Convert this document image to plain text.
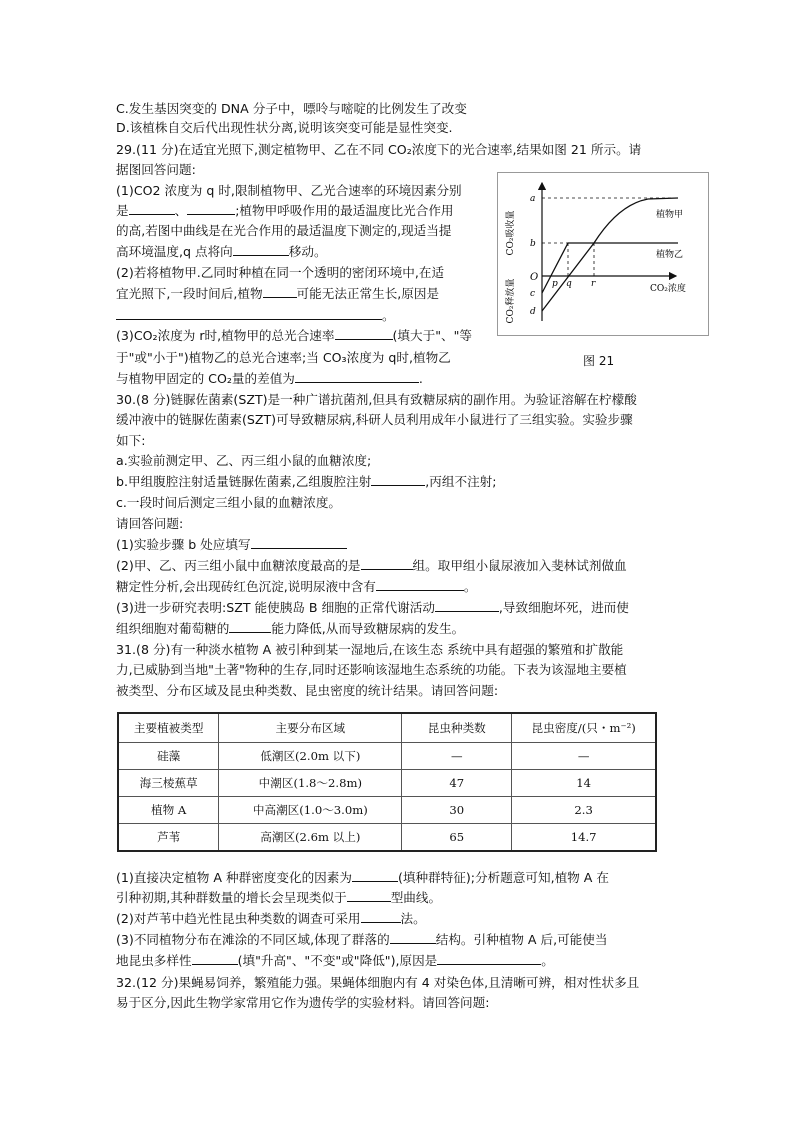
C.发生基因突变的 DNA 分子中，嘌呤与嘧啶的比例发生了改变
D.该植株自交后代出现性状分离,说明该突变可能是显性突变.
29.(11 分)在适宜光照下,测定植物甲、乙在不同 CO₂浓度下的光合速率,结果如图 21 所示。请
据图回答问题:
(1)CO2 浓度为 q 时,限制植物甲、乙光合速率的环境因素分别
是	、	;植物甲呼吸作用的最适温度比光合作用
的高,若图中曲线是在光合作用的最适温度下测定的,现适当提
高环境温度,q 点将向	移动。
(2)若将植物甲.乙同时种植在同一个透明的密闭环境中,在适
宜光照下,一段时间后,植物	可能无法正常生长,原因是
。
(3)CO₂浓度为 r时,植物甲的总光合速率	(填大于"、"等
于"或"小于")植物乙的总光合速率;当 CO₃浓度为 q时,植物乙
与植物甲固定的 CO₂量的差值为	.
30.(8 分)链脲佐菌素(SZT)是一种广谱抗菌剂,但具有致糖尿病的副作用。为验证溶解在柠檬酸
缓冲液中的链脲佐菌素(SZT)可导致糖尿病,科研人员利用成年小鼠进行了三组实验。实验步骤
如下:
a.实验前测定甲、乙、丙三组小鼠的血糖浓度;
b.甲组腹腔注射适量链脲佐菌素,乙组腹腔注射	,丙组不注射;
c.一段时间后测定三组小鼠的血糖浓度。
请回答问题:
(1)实验步骤 b 处应填写
(2)甲、乙、丙三组小鼠中血糖浓度最高的是	组。取甲组小鼠尿液加入斐林试剂做血
糖定性分析,会出现砖红色沉淀,说明尿液中含有	。
(3)进一步研究表明:SZT 能使胰岛 B 细胞的正常代谢活动	,导致细胞坏死，进而使
组织细胞对葡萄糖的	能力降低,从而导致糖尿病的发生。
31.(8 分)有一种淡水植物 A 被引种到某一湿地后,在该生态 系统中具有超强的繁殖和扩散能
力,已威胁到当地"土著"物种的生存,同时还影响该湿地生态系统的功能。下表为该湿地主要植
被类型、分布区域及昆虫种类数、昆虫密度的统计结果。请回答问题:
主要植被类型	主要分布区域	昆虫种类数	昆虫密度/(只・m⁻²)
硅藻	低潮区(2.0m 以下)	—	—
海三棱蕉草	中潮区(1.8～2.8m)	47	14
植物 A	中高潮区(1.0～3.0m)	30	2.3
芦苇	高潮区(2.6m 以上)	65	14.7
(1)直接决定植物 A 种群密度变化的因素为	(填种群特征);分析题意可知,植物 A 在
引种初期,其种群数量的增长会呈现类似于	型曲线。
(2)对芦苇中趋光性昆虫种类数的调查可采用	法。
(3)不同植物分布在滩涂的不同区域,体现了群落的	结构。引种植物 A 后,可能使当
地昆虫多样性	(填"升高"、"不变"或"降低"),原因是	。
32.(12 分)果蝇易饲养，繁殖能力强。果蝇体细胞内有 4 对染色体,且清晰可辨，相对性状多且
易于区分,因此生物学家常用它作为遗传学的实验材料。请回答问题:
CO₂吸收量
CO₂释放量	CO₂浓度
a
b
O
c
d
p q r
植物甲
植物乙
图 21
